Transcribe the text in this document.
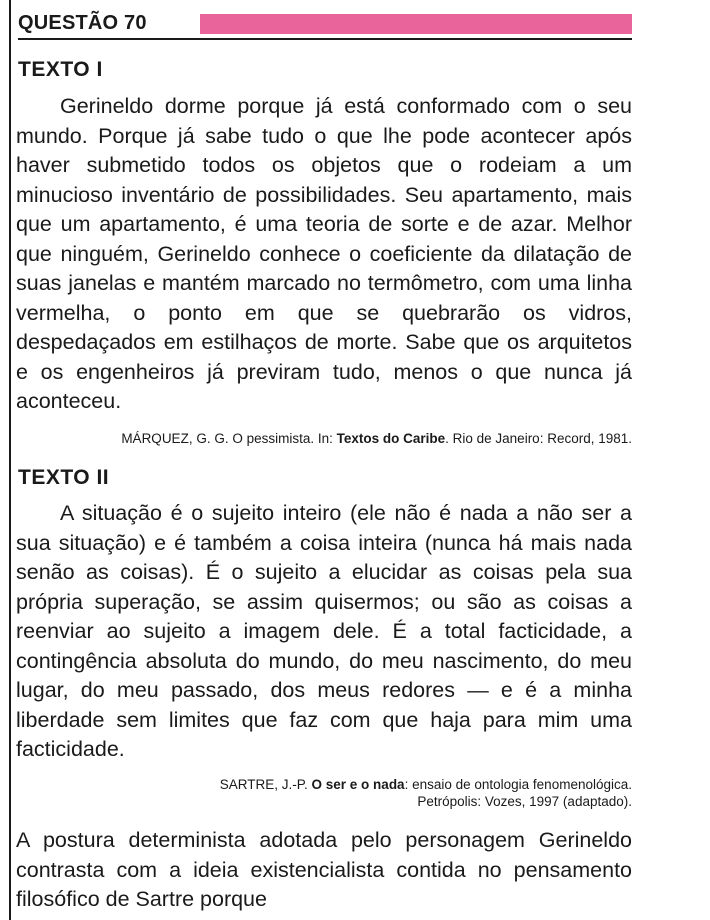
QUESTÃO 70
TEXTO I

Gerineldo dorme porque já está conformado com o seu mundo. Porque já sabe tudo o que lhe pode acontecer após haver submetido todos os objetos que o rodeiam a um minucioso inventário de possibilidades. Seu apartamento, mais que um apartamento, é uma teoria de sorte e de azar. Melhor que ninguém, Gerineldo conhece o coeficiente da dilatação de suas janelas e mantém marcado no termômetro, com uma linha vermelha, o ponto em que se quebrarão os vidros, despedaçados em estilhaços de morte. Sabe que os arquitetos e os engenheiros já previram tudo, menos o que nunca já aconteceu.

MÁRQUEZ, G. G. O pessimista. In: Textos do Caribe. Rio de Janeiro: Record, 1981.

TEXTO II

A situação é o sujeito inteiro (ele não é nada a não ser a sua situação) e é também a coisa inteira (nunca há mais nada senão as coisas). É o sujeito a elucidar as coisas pela sua própria superação, se assim quisermos; ou são as coisas a reenviar ao sujeito a imagem dele. É a total facticidade, a contingência absoluta do mundo, do meu nascimento, do meu lugar, do meu passado, dos meus redores — e é a minha liberdade sem limites que faz com que haja para mim uma facticidade.

SARTRE, J.-P. O ser e o nada: ensaio de ontologia fenomenológica.
Petrópolis: Vozes, 1997 (adaptado).

A postura determinista adotada pelo personagem Gerineldo contrasta com a ideia existencialista contida no pensamento filosófico de Sartre porque
